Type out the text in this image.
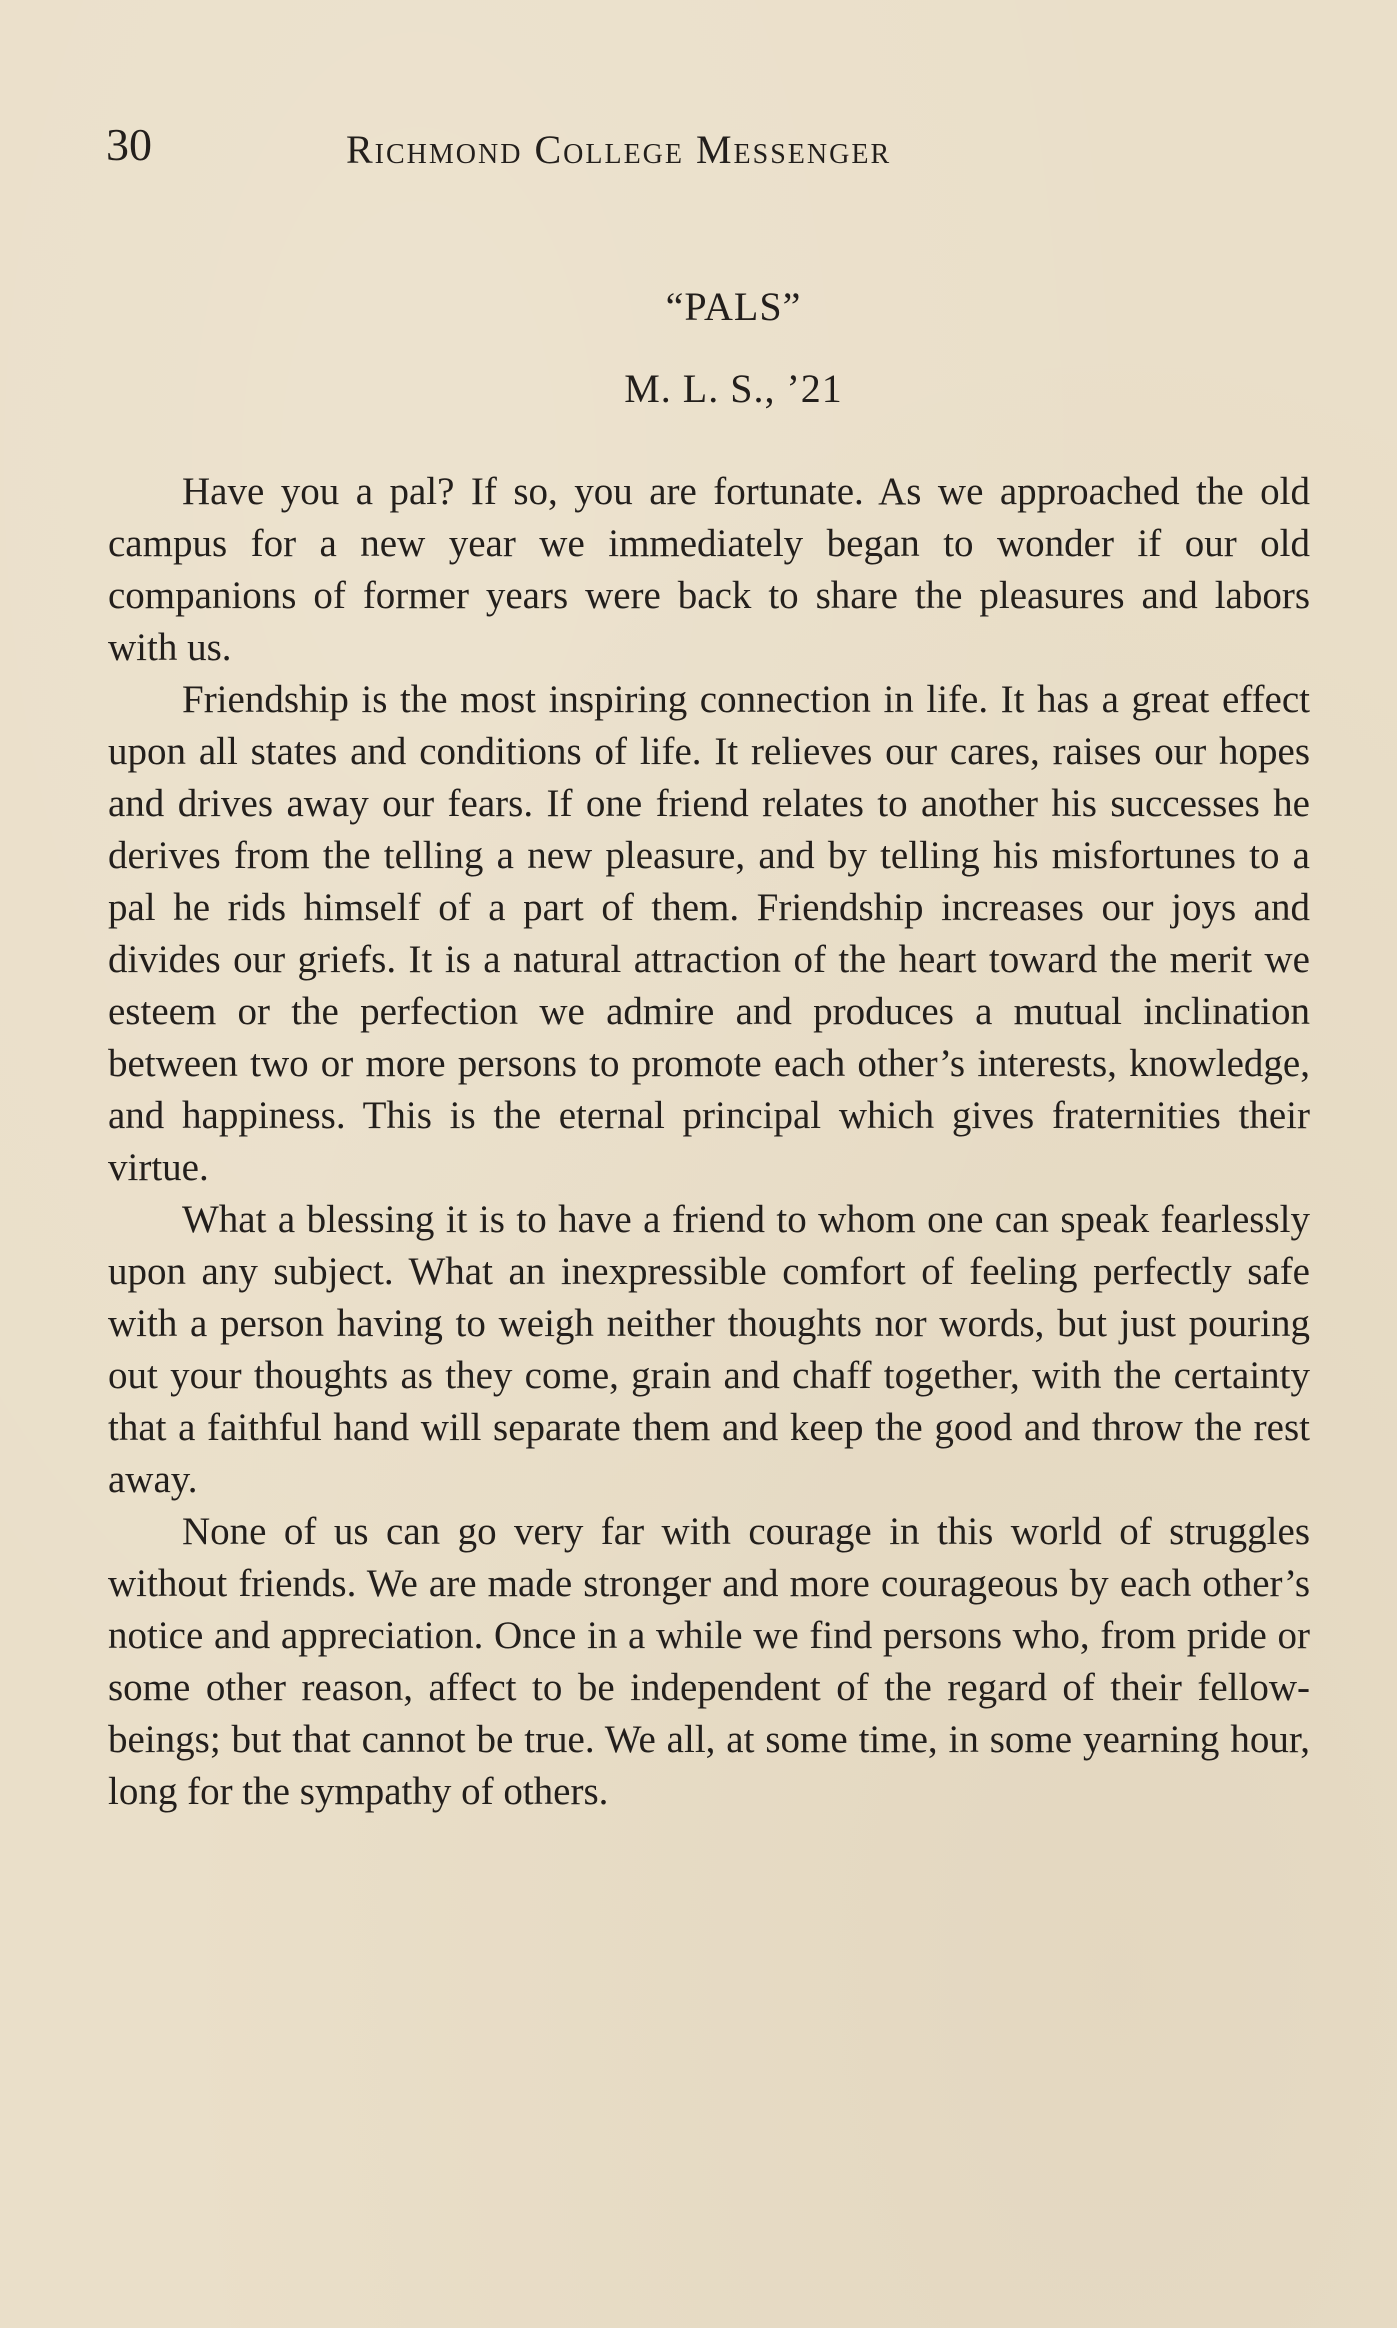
30	Richmond College Messenger
“PALS”
M. L. S., ’21

Have you a pal? If so, you are fortunate. As we approached the old campus for a new year we immediately began to wonder if our old companions of former years were back to share the pleasures and labors with us.

Friendship is the most inspiring connection in life. It has a great effect upon all states and conditions of life. It relieves our cares, raises our hopes and drives away our fears. If one friend relates to another his successes he derives from the telling a new pleasure, and by telling his misfortunes to a pal he rids himself of a part of them. Friendship increases our joys and divides our griefs. It is a natural attraction of the heart toward the merit we esteem or the perfection we admire and produces a mutual inclination between two or more persons to promote each other’s interests, knowledge, and happiness. This is the eternal principal which gives fraternities their virtue.

What a blessing it is to have a friend to whom one can speak fearlessly upon any subject. What an inexpressible comfort of feeling perfectly safe with a person having to weigh neither thoughts nor words, but just pouring out your thoughts as they come, grain and chaff together, with the certainty that a faithful hand will separate them and keep the good and throw the rest away.

None of us can go very far with courage in this world of struggles without friends. We are made stronger and more courageous by each other’s notice and appreciation. Once in a while we find persons who, from pride or some other reason, affect to be independent of the regard of their fellow-beings; but that cannot be true. We all, at some time, in some yearning hour, long for the sympathy of others.
